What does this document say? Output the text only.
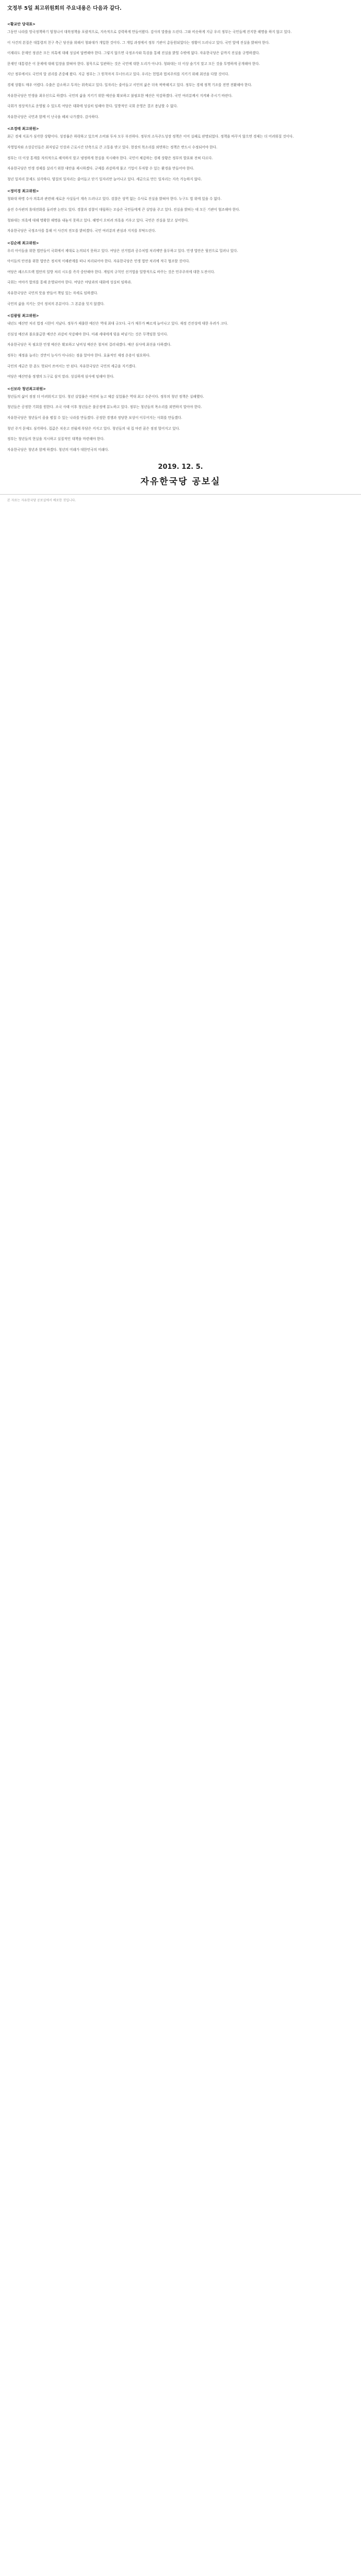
文정부 5일 최고위원회의 주요내용은 다음과 같다.
<황교안 당대표>

그동안 나라를 망국정책하기 엄청나서 대북정책을 포괄적으로, 지속적으로 강력하게 만들어왔다. 감사의 말씀을 드린다. 그와 비슷하게 지금 우리 정부는 국민들께 진지한 해명을 하지 않고 있다.

이 사건의 본질은 대통령의 친구 측근 당선을 위해서 청와대가 개입한 것이다. 그 개입 과정에서 정부 기관이 총동원되었다는 정황이 드러나고 있다. 국민 앞에 진실을 밝혀야 한다.

이제라도 문재인 정권은 모든 의혹에 대해 성실히 답변해야 한다. 그렇지 않으면 국정조사와 특검을 통해 진실을 밝힐 수밖에 없다. 자유한국당은 끝까지 진실을 규명하겠다.

문재인 대통령은 이 문제에 대해 입장을 밝혀야 한다. 침묵으로 일관하는 것은 국민에 대한 도리가 아니다. 청와대는 더 이상 숨기지 말고 모든 것을 투명하게 공개해야 한다.

지난 정부에서도 국민의 알 권리를 존중해 왔다. 지금 정부는 그 원칙마저 무너뜨리고 있다. 우리는 헌법과 법치주의를 지키기 위해 최선을 다할 것이다.

경제 상황도 매우 어렵다. 수출은 감소하고 투자는 위축되고 있다. 일자리는 줄어들고 서민의 삶은 더욱 팍팍해지고 있다. 정부는 경제 정책 기조를 전면 전환해야 한다.

자유한국당은 민생을 최우선으로 하겠다. 국민의 삶을 지키기 위한 예산을 확보하고 불필요한 예산은 삭감하겠다. 국민 여러분께서 지켜봐 주시기 바란다.

국회가 정상적으로 운영될 수 있도록 여당은 대화에 성실히 임해야 한다. 일방적인 국회 운영은 결코 용납할 수 없다.

자유한국당은 국민과 함께 이 난국을 헤쳐 나가겠다. 감사하다.

<조경태 최고위원>

최근 경제 지표가 심각한 상황이다. 성장률은 하락하고 있으며 소비와 투자 모두 부진하다. 정부의 소득주도성장 정책은 이미 실패로 판명되었다. 정책을 바꾸지 않으면 경제는 더 어려워질 것이다.

자영업자와 소상공인들은 최저임금 인상과 근로시간 단축으로 큰 고통을 받고 있다. 현장의 목소리를 외면하는 정책은 반드시 수정되어야 한다.

정부는 더 이상 통계를 자의적으로 해석하지 말고 냉정하게 현실을 직시해야 한다. 국민이 체감하는 경제 상황은 정부의 발표와 전혀 다르다.

자유한국당은 민생 경제를 살리기 위한 대안을 제시하겠다. 규제를 과감하게 풀고 기업이 투자할 수 있는 환경을 만들어야 한다.

청년 일자리 문제도 심각하다. 양질의 일자리는 줄어들고 단기 일자리만 늘어나고 있다. 세금으로 만든 일자리는 지속 가능하지 않다.

<정미경 최고위원>

청와대 하명 수사 의혹과 관련해 새로운 사실들이 계속 드러나고 있다. 검찰은 성역 없는 수사로 진실을 밝혀야 한다. 누구도 법 위에 있을 수 없다.

숨진 수사관의 휴대전화를 둘러싼 논란도 있다. 경찰과 검찰이 대립하는 모습은 국민들에게 큰 실망을 주고 있다. 진실을 밝히는 데 모든 기관이 협조해야 한다.

청와대는 의혹에 대해 명확한 해명을 내놓지 못하고 있다. 해명이 오히려 의혹을 키우고 있다. 국민은 진실을 알고 싶어한다.

자유한국당은 국정조사를 통해 이 사건의 전모를 밝히겠다. 국민 여러분의 관심과 지지를 부탁드린다.

<김순례 최고위원>

우리 아이들을 위한 법안들이 국회에서 제대로 논의되지 못하고 있다. 여당은 선거법과 공수처법 처리에만 몰두하고 있다. 민생 법안은 뒷전으로 밀려나 있다.

아이들의 안전을 위한 법안은 정치적 이해관계를 떠나 처리되어야 한다. 자유한국당은 민생 법안 처리에 적극 협조할 것이다.

여당은 패스트트랙 법안의 일방 처리 시도를 즉각 중단해야 한다. 게임의 규칙인 선거법을 일방적으로 바꾸는 것은 민주주의에 대한 도전이다.

국회는 여야가 합의를 통해 운영되어야 한다. 여당은 야당과의 대화에 성실히 임하라.

자유한국당은 국민의 뜻을 받들어 책임 있는 자세로 임하겠다.

국민의 삶을 지키는 것이 정치의 본분이다. 그 본분을 잊지 않겠다.

<김광림 최고위원>

내년도 예산안 처리 법정 시한이 지났다. 정부가 제출한 예산은 역대 최대 규모다. 국가 채무가 빠르게 늘어나고 있다. 재정 건전성에 대한 우려가 크다.

선심성 예산과 불요불급한 예산은 과감히 삭감해야 한다. 미래 세대에게 빚을 떠넘기는 것은 무책임한 일이다.

자유한국당은 꼭 필요한 민생 예산은 확보하고 낭비성 예산은 철저히 걸러내겠다. 예산 심사에 최선을 다하겠다.

정부는 재정을 늘리는 것만이 능사가 아니라는 점을 알아야 한다. 효율적인 재정 운용이 필요하다.

국민의 세금은 한 푼도 헛되이 쓰여서는 안 된다. 자유한국당은 국민의 세금을 지키겠다.

여당은 예산안을 정쟁의 도구로 삼지 말라. 성실하게 심사에 임해야 한다.

<신보라 청년최고위원>

청년들의 삶이 점점 더 어려워지고 있다. 청년 실업률은 여전히 높고 체감 실업률은 역대 최고 수준이다. 정부의 청년 정책은 실패했다.

청년들은 공정한 기회를 원한다. 조국 사태 이후 청년들은 불공정에 분노하고 있다. 정부는 청년들의 목소리를 외면하지 말아야 한다.

자유한국당은 청년들이 꿈을 펼칠 수 있는 나라를 만들겠다. 공정한 경쟁과 정당한 보상이 이루어지는 사회를 만들겠다.

청년 주거 문제도 심각하다. 집값은 치솟고 전월세 부담은 커지고 있다. 청년들의 내 집 마련 꿈은 점점 멀어지고 있다.

정부는 청년들의 현실을 직시하고 실질적인 대책을 마련해야 한다.

자유한국당은 청년과 함께 하겠다. 청년의 미래가 대한민국의 미래다.

2019. 12. 5.
자유한국당 공보실
본 자료는 자유한국당 공보실에서 배포한 것입니다.
